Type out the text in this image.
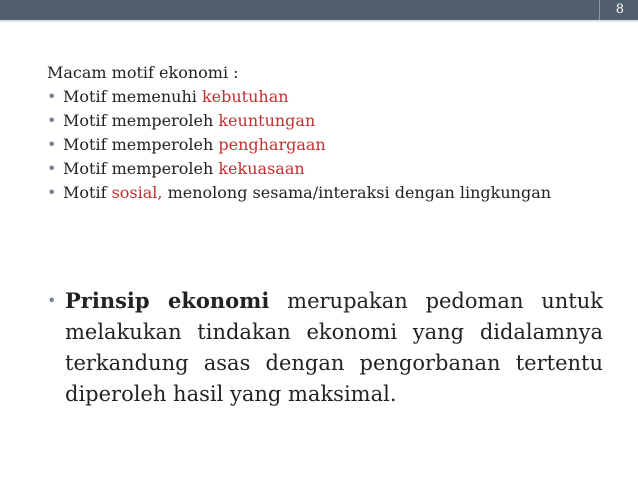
8
Macam motif ekonomi :
• Motif memenuhi kebutuhan
• Motif memperoleh keuntungan
• Motif memperoleh penghargaan
• Motif memperoleh kekuasaan
• Motif sosial, menolong sesama/interaksi dengan lingkungan
• Prinsip ekonomi merupakan pedoman untuk melakukan tindakan ekonomi yang didalamnya terkandung asas dengan pengorbanan tertentu diperoleh hasil yang maksimal.
